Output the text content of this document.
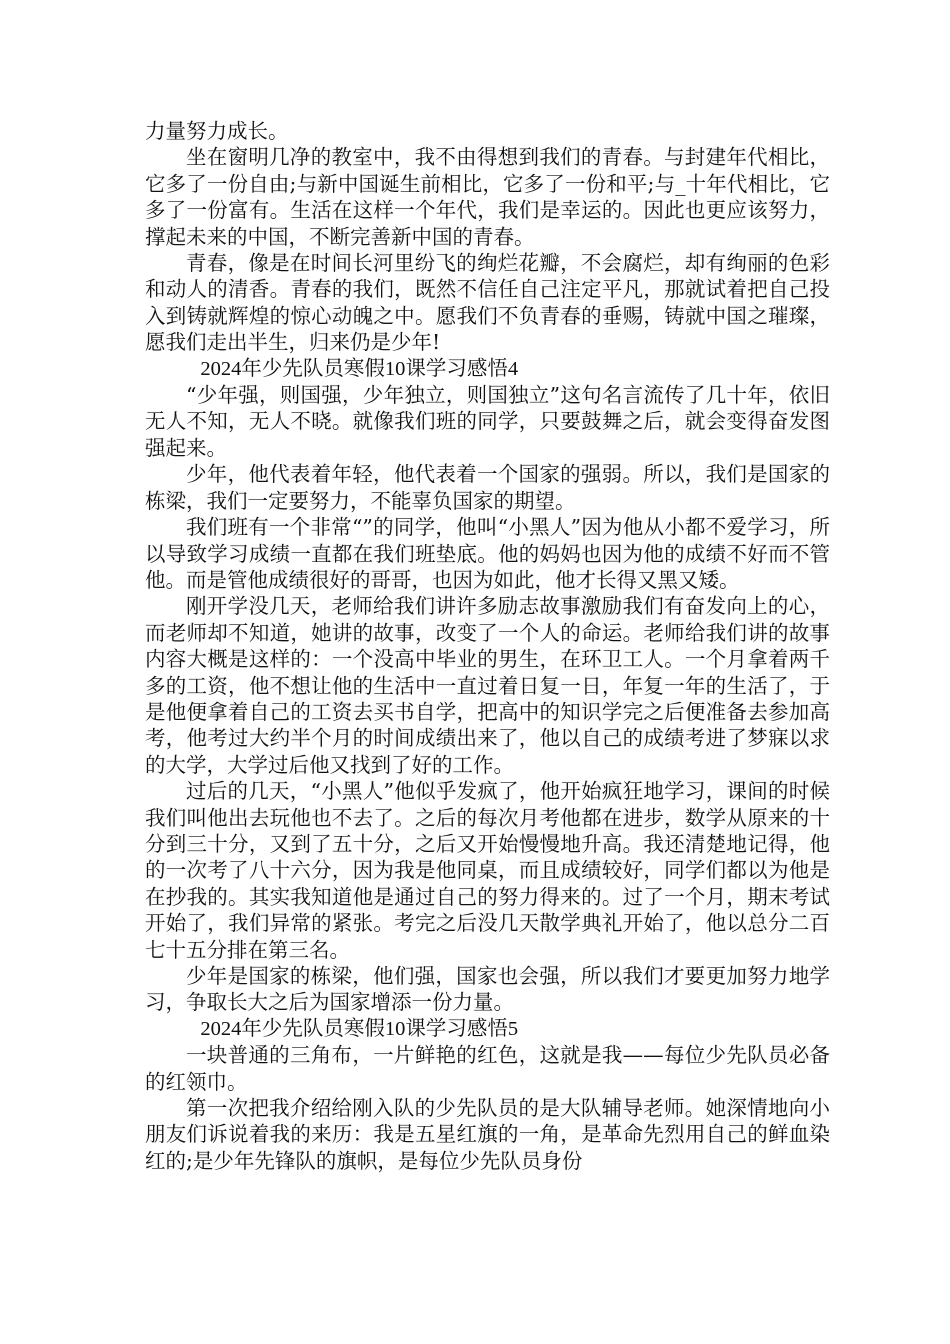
力量努力成长。

坐在窗明几净的教室中，我不由得想到我们的青春。与封建年代相比，它多了一份自由;与新中国诞生前相比，它多了一份和平;与_十年代相比，它多了一份富有。生活在这样一个年代，我们是幸运的。因此也更应该努力，撑起未来的中国，不断完善新中国的青春。

青春，像是在时间长河里纷飞的绚烂花瓣，不会腐烂，却有绚丽的色彩和动人的清香。青春的我们，既然不信任自己注定平凡，那就试着把自己投入到铸就辉煌的惊心动魄之中。愿我们不负青春的垂赐，铸就中国之璀璨，愿我们走出半生，归来仍是少年!

2024年少先队员寒假10课学习感悟4

“少年强，则国强，少年独立，则国独立”这句名言流传了几十年，依旧无人不知，无人不晓。就像我们班的同学，只要鼓舞之后，就会变得奋发图强起来。

少年，他代表着年轻，他代表着一个国家的强弱。所以，我们是国家的栋梁，我们一定要努力，不能辜负国家的期望。

我们班有一个非常“”的同学，他叫“小黑人”因为他从小都不爱学习，所以导致学习成绩一直都在我们班垫底。他的妈妈也因为他的成绩不好而不管他。而是管他成绩很好的哥哥，也因为如此，他才长得又黑又矮。

刚开学没几天，老师给我们讲许多励志故事激励我们有奋发向上的心，而老师却不知道，她讲的故事，改变了一个人的命运。老师给我们讲的故事内容大概是这样的：一个没高中毕业的男生，在环卫工人。一个月拿着两千多的工资，他不想让他的生活中一直过着日复一日，年复一年的生活了，于是他便拿着自己的工资去买书自学，把高中的知识学完之后便准备去参加高考，他考过大约半个月的时间成绩出来了，他以自己的成绩考进了梦寐以求的大学，大学过后他又找到了好的工作。

过后的几天，“小黑人”他似乎发疯了，他开始疯狂地学习，课间的时候我们叫他出去玩他也不去了。之后的每次月考他都在进步，数学从原来的十分到三十分，又到了五十分，之后又开始慢慢地升高。我还清楚地记得，他的一次考了八十六分，因为我是他同桌，而且成绩较好，同学们都以为他是在抄我的。其实我知道他是通过自己的努力得来的。过了一个月，期末考试开始了，我们异常的紧张。考完之后没几天散学典礼开始了，他以总分二百七十五分排在第三名。

少年是国家的栋梁，他们强，国家也会强，所以我们才要更加努力地学习，争取长大之后为国家增添一份力量。

2024年少先队员寒假10课学习感悟5

一块普通的三角布，一片鲜艳的红色，这就是我——每位少先队员必备的红领巾。

第一次把我介绍给刚入队的少先队员的是大队辅导老师。她深情地向小朋友们诉说着我的来历：我是五星红旗的一角，是革命先烈用自己的鲜血染红的;是少年先锋队的旗帜，是每位少先队员身份
